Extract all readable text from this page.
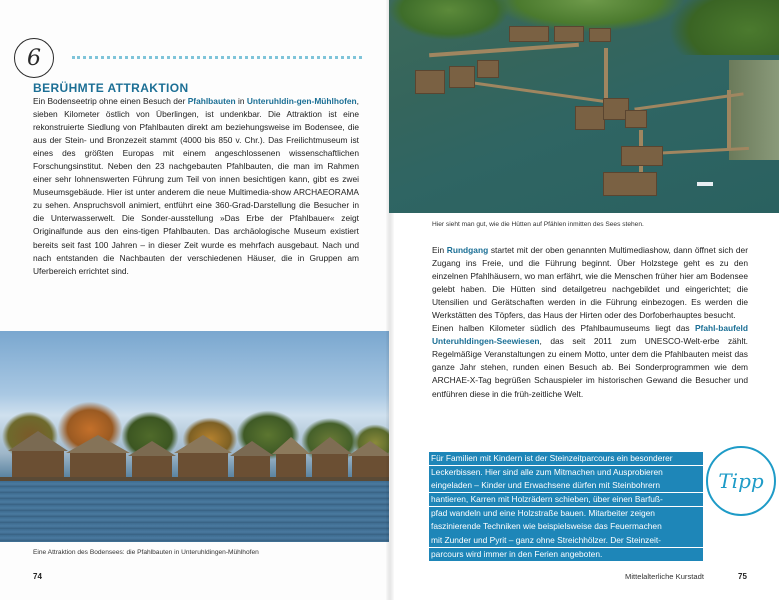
6
BERÜHMTE ATTRAKTION
Ein Bodenseetrip ohne einen Besuch der Pfahlbauten in Unteruhldin-gen-Mühlhofen, sieben Kilometer östlich von Überlingen, ist undenkbar. Die Attraktion ist eine rekonstruierte Siedlung von Pfahlbauten direkt am beziehungsweise im Bodensee, die aus der Stein- und Bronzezeit stammt (4000 bis 850 v. Chr.). Das Freilichtmuseum ist eines des größten Europas mit einem angeschlossenen wissenschaftlichen Forschungsinstitut. Neben den 23 nachgebauten Pfahlbauten, die man im Rahmen einer sehr lohnenswerten Führung zum Teil von innen besichtigen kann, gibt es zwei Museumsgebäude. Hier ist unter anderem die neue Multimedia-show ARCHAEORAMA zu sehen. Anspruchsvoll animiert, entführt eine 360-Grad-Darstellung die Besucher in die Unterwasserwelt. Die Sonder-ausstellung »Das Erbe der Pfahlbauer« zeigt Originalfunde aus den eins-tigen Pfahlbauten. Das archäologische Museum existiert bereits seit fast 100 Jahren – in dieser Zeit wurde es mehrfach ausgebaut. Nach und nach entstanden die Nachbauten der verschiedenen Häuser, die in Gruppen am Uferbereich errichtet sind.
Eine Attraktion des Bodensees: die Pfahlbauten in Unteruhldingen-Mühlhofen
74
Hier sieht man gut, wie die Hütten auf Pfählen inmitten des Sees stehen.

Ein Rundgang startet mit der oben genannten Multimediashow, dann öffnet sich der Zugang ins Freie, und die Führung beginnt. Über Holzstege geht es zu den einzelnen Pfahlhäusern, wo man erfährt, wie die Menschen früher hier am Bodensee gelebt haben. Die Hütten sind detailgetreu nachgebildet und eingerichtet; die Utensilien und Gerätschaften werden in die Führung einbezogen. Es werden die Werkstätten des Töpfers, das Haus der Hirten oder des Dorfoberhauptes besucht.

Einen halben Kilometer südlich des Pfahlbaumuseums liegt das Pfahl-baufeld Unteruhldingen-Seewiesen, das seit 2011 zum UNESCO-Welt-erbe zählt. Regelmäßige Veranstaltungen zu einem Motto, unter dem die Pfahlbauten meist das ganze Jahr stehen, runden einen Besuch ab. Bei Sonderprogrammen wie dem ARCHAE-X-Tag begrüßen Schauspieler im historischen Gewand die Besucher und entführen diese in die früh-zeitliche Welt.

Für Familien mit Kindern ist der Steinzeitparcours ein besonderer
Leckerbissen. Hier sind alle zum Mitmachen und Ausprobieren
eingeladen – Kinder und Erwachsene dürfen mit Steinbohrern
hantieren, Karren mit Holzrädern schieben, über einen Barfuß-
pfad wandeln und eine Holzstraße bauen. Mitarbeiter zeigen
faszinierende Techniken wie beispielsweise das Feuermachen
mit Zunder und Pyrit – ganz ohne Streichhölzer. Der Steinzeit-
parcours wird immer in den Ferien angeboten.
Tipp
Mittelalterliche Kurstadt	75
